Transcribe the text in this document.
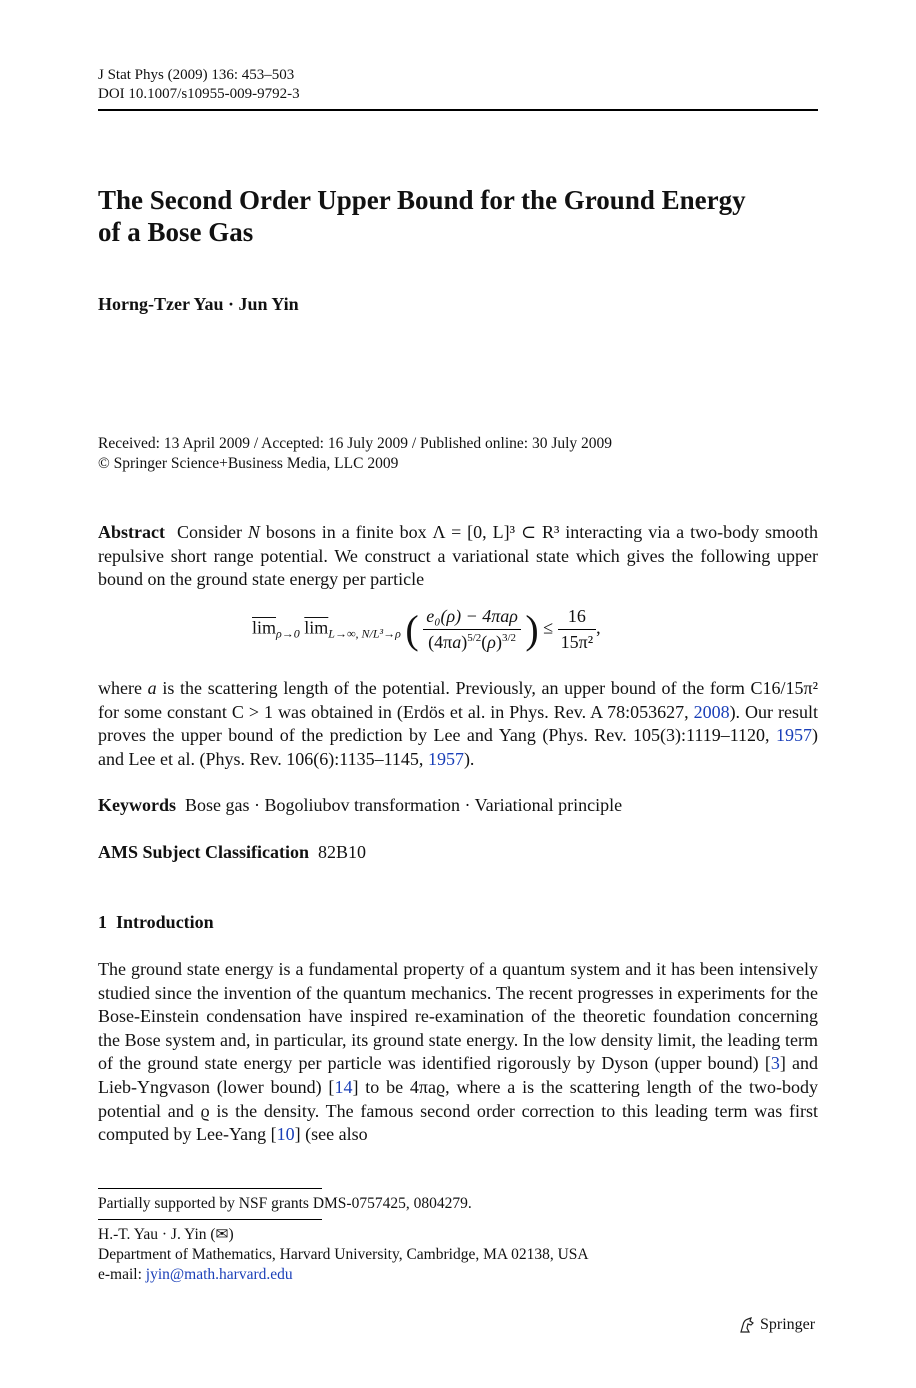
J Stat Phys (2009) 136: 453–503
DOI 10.1007/s10955-009-9792-3
The Second Order Upper Bound for the Ground Energy
of a Bose Gas
Horng-Tzer Yau · Jun Yin
Received: 13 April 2009 / Accepted: 16 July 2009 / Published online: 30 July 2009
© Springer Science+Business Media, LLC 2009
Abstract Consider N bosons in a finite box Λ = [0, L]³ ⊂ R³ interacting via a two-body smooth repulsive short range potential. We construct a variational state which gives the following upper bound on the ground state energy per particle
$\overline{lim}_{\rho\to 0}$ $\overline{lim}_{L\to\infty, N/L^3\to\rho}$ ( $\frac{\text{e₀(ρ) − 4πaρ}}{(4\pi a)^{5/2}(\rho)^{3/2}}$ ) ≤ $\frac{16}{\text{15π²}}$ ,
where a is the scattering length of the potential. Previously, an upper bound of the form C16/15π² for some constant C > 1 was obtained in (Erdös et al. in Phys. Rev. A 78:053627, 2008). Our result proves the upper bound of the prediction by Lee and Yang (Phys. Rev. 105(3):1119–1120, 1957) and Lee et al. (Phys. Rev. 106(6):1135–1145, 1957).
Keywords Bose gas · Bogoliubov transformation · Variational principle
AMS Subject Classification 82B10
1 Introduction
The ground state energy is a fundamental property of a quantum system and it has been intensively studied since the invention of the quantum mechanics. The recent progresses in experiments for the Bose-Einstein condensation have inspired re-examination of the theoretic foundation concerning the Bose system and, in particular, its ground state energy. In the low density limit, the leading term of the ground state energy per particle was identified rigorously by Dyson (upper bound) [3] and Lieb-Yngvason (lower bound) [14] to be 4πaϱ, where a is the scattering length of the two-body potential and ϱ is the density. The famous second order correction to this leading term was first computed by Lee-Yang [10] (see also
Partially supported by NSF grants DMS-0757425, 0804279.
H.-T. Yau · J. Yin (✉)
Department of Mathematics, Harvard University, Cambridge, MA 02138, USA
e-mail: jyin@math.harvard.edu
Springer
